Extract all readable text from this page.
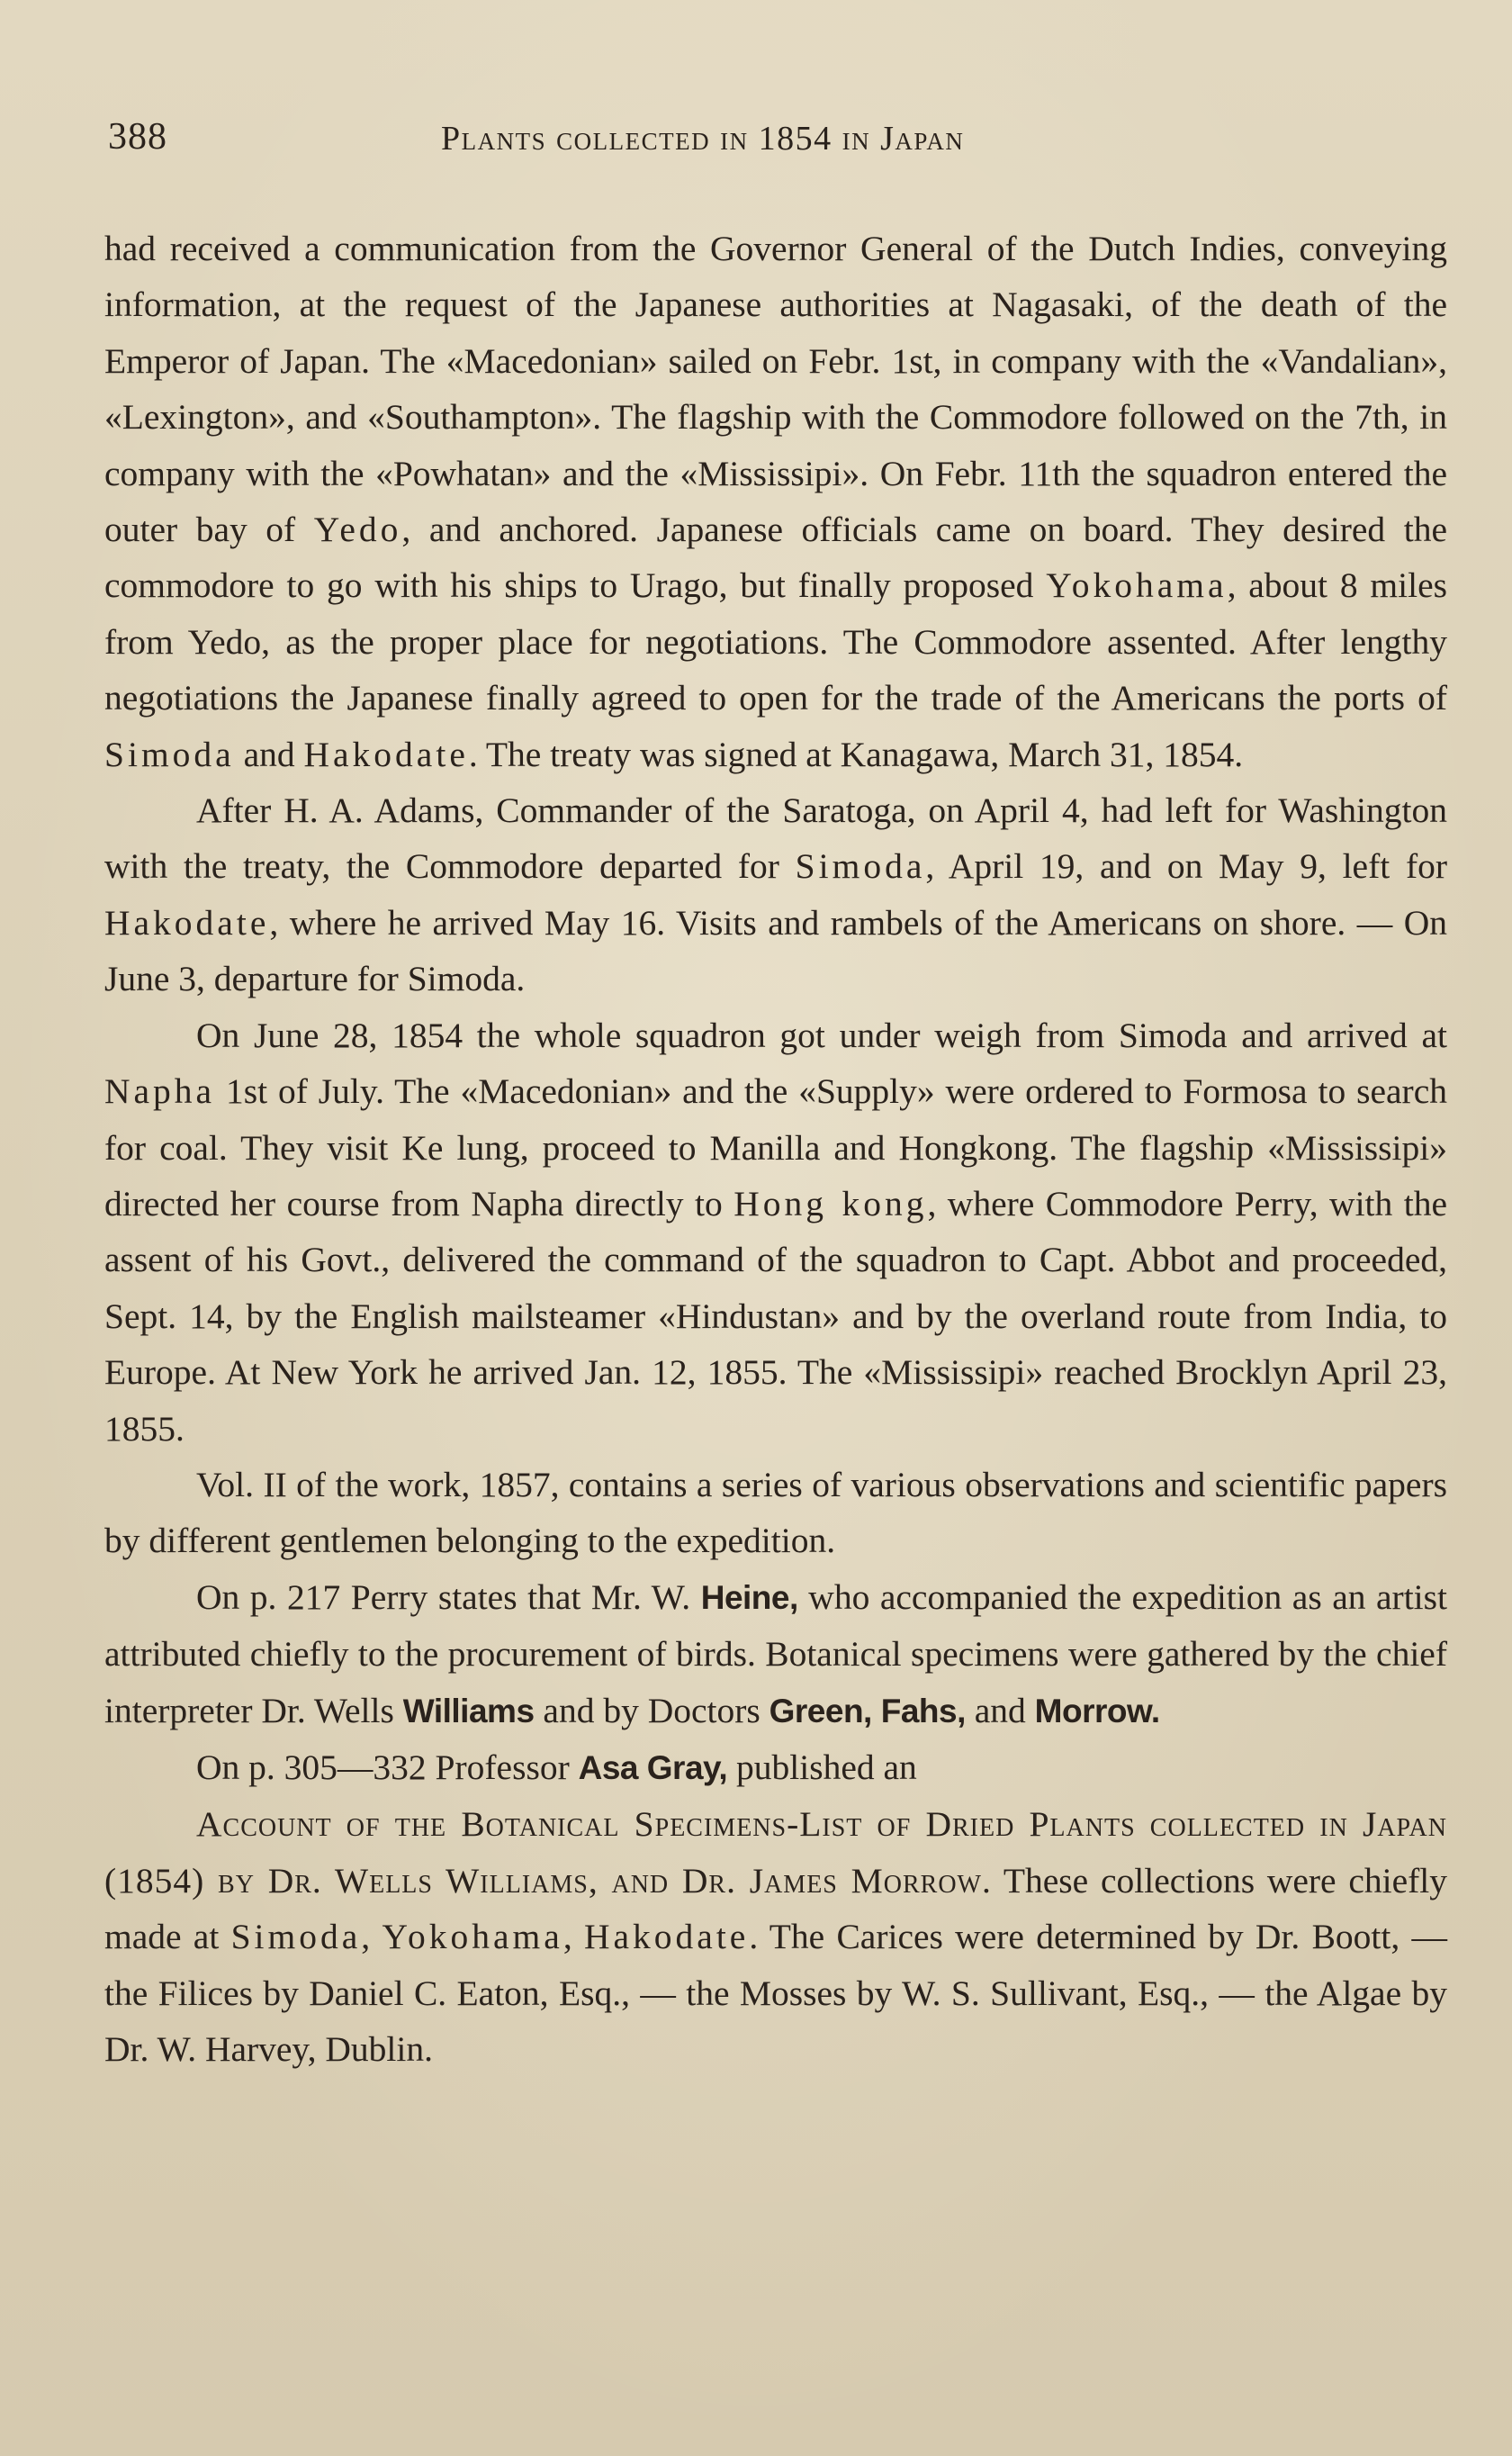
388	Plants collected in 1854 in Japan

had received a communication from the Governor General of the Dutch Indies, conveying information, at the request of the Japanese authorities at Nagasaki, of the death of the Emperor of Japan. The «Macedonian» sailed on Febr. 1st, in company with the «Vandalian», «Lexington», and «Southampton». The flagship with the Commodore followed on the 7th, in company with the «Powhatan» and the «Mississipi». On Febr. 11th the squadron entered the outer bay of Yedo, and anchored. Japanese officials came on board. They desired the commodore to go with his ships to Urago, but finally proposed Yokohama, about 8 miles from Yedo, as the proper place for negotiations. The Commodore assented. After lengthy negotiations the Japanese finally agreed to open for the trade of the Americans the ports of Simoda and Hakodate. The treaty was signed at Kanagawa, March 31, 1854.

After H. A. Adams, Commander of the Saratoga, on April 4, had left for Washington with the treaty, the Commodore departed for Simoda, April 19, and on May 9, left for Hakodate, where he arrived May 16. Visits and rambels of the Americans on shore. — On June 3, departure for Simoda.

On June 28, 1854 the whole squadron got under weigh from Simoda and arrived at Napha 1st of July. The «Macedonian» and the «Supply» were ordered to Formosa to search for coal. They visit Ke lung, proceed to Manilla and Hongkong. The flagship «Mississipi» directed her course from Napha directly to Hong kong, where Commodore Perry, with the assent of his Govt., delivered the command of the squadron to Capt. Abbot and proceeded, Sept. 14, by the English mailsteamer «Hindustan» and by the overland route from India, to Europe. At New York he arrived Jan. 12, 1855. The «Mississipi» reached Brocklyn April 23, 1855.

Vol. II of the work, 1857, contains a series of various observations and scientific papers by different gentlemen belonging to the expedition.

On p. 217 Perry states that Mr. W. Heine, who accompanied the expedition as an artist attributed chiefly to the procurement of birds. Botanical specimens were gathered by the chief interpreter Dr. Wells Williams and by Doctors Green, Fahs, and Morrow.

On p. 305—332 Professor Asa Gray, published an

Account of the Botanical Specimens-List of Dried Plants collected in Japan (1854) by Dr. Wells Williams, and Dr. James Morrow. These collections were chiefly made at Simoda, Yokohama, Hakodate. The Carices were determined by Dr. Boott, — the Filices by Daniel C. Eaton, Esq., — the Mosses by W. S. Sullivant, Esq., — the Algae by Dr. W. Harvey, Dublin.
